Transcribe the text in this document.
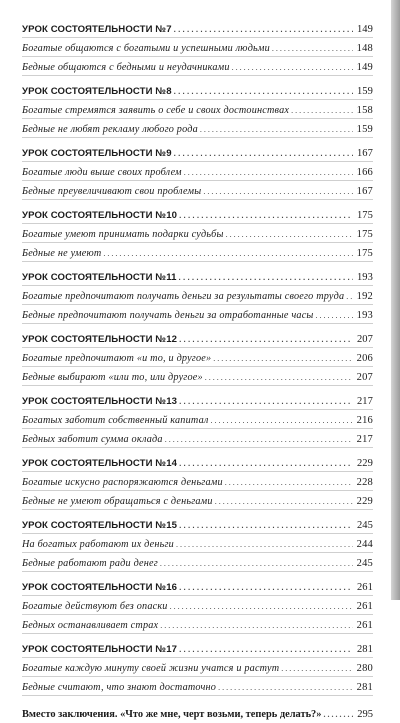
УРОК СОСТОЯТЕЛЬНОСТИ №7 . . .	149
Богатые общаются с богатыми и успешными людьми . . .	148
Бедные общаются с бедными и неудачниками . . .	149
УРОК СОСТОЯТЕЛЬНОСТИ №8 . . .	159
Богатые стремятся заявить о себе и своих достоинствах . . .	158
Бедные не любят рекламу любого рода . . .	159
УРОК СОСТОЯТЕЛЬНОСТИ №9 . . .	167
Богатые люди выше своих проблем . . .	166
Бедные преувеличивают свои проблемы . . .	167
УРОК СОСТОЯТЕЛЬНОСТИ №10 . . .	175
Богатые умеют принимать подарки судьбы . . .	175
Бедные не умеют . . .	175
УРОК СОСТОЯТЕЛЬНОСТИ №11 . . .	193
Богатые предпочитают получать деньги за результаты своего труда . . . 192
Бедные предпочитают получать деньги за отработанные часы . . .	193
УРОК СОСТОЯТЕЛЬНОСТИ №12 . . .	207
Богатые предпочитают «и то, и другое» . . .	206
Бедные выбирают «или то, или другое» . . .	207
УРОК СОСТОЯТЕЛЬНОСТИ №13 . . .	217
Богатых заботит собственный капитал . . .	216
Бедных заботит сумма оклада . . .	217
УРОК СОСТОЯТЕЛЬНОСТИ №14 . . .	229
Богатые искусно распоряжаются деньгами . . .	228
Бедные не умеют обращаться с деньгами . . .	229
УРОК СОСТОЯТЕЛЬНОСТИ №15 . . .	245
На богатых работают их деньги . . .	244
Бедные работают ради денег . . .	245
УРОК СОСТОЯТЕЛЬНОСТИ №16 . . .	261
Богатые действуют без опаски . . .	261
Бедных останавливает страх . . .	261
УРОК СОСТОЯТЕЛЬНОСТИ №17 . . .	281
Богатые каждую минуту своей жизни учатся и растут . . .	280
Бедные считают, что знают достаточно . . .	281
Вместо заключения. «Что же мне, черт возьми, теперь делать?» . . .	295
